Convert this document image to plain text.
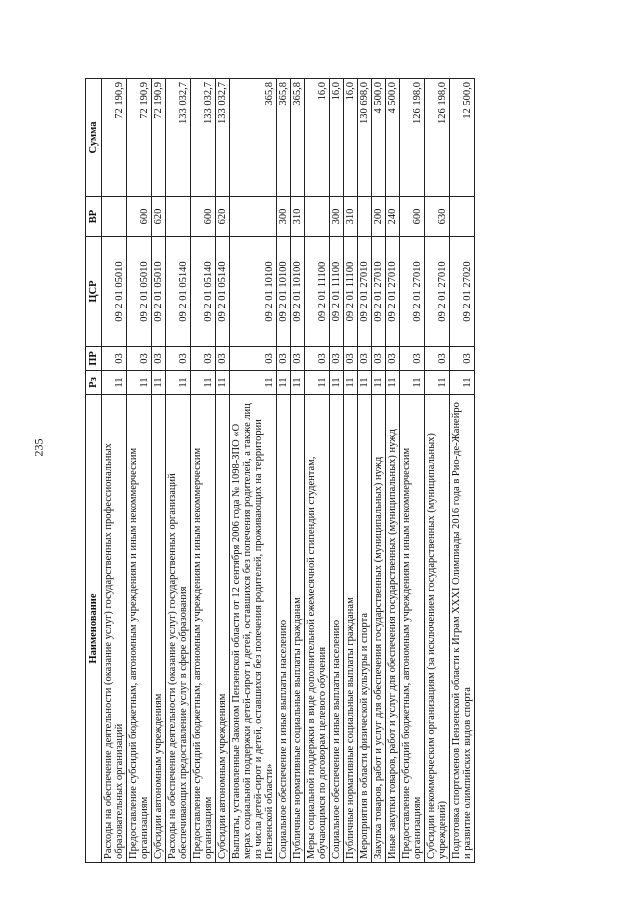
235
Наименование	Рз	ПР	ЦСР	ВР	Сумма
Расходы на обеспечение деятельности (оказание услуг) государственных профессиональных образовательных организаций	11	03	09 2 01 05010		72 190,9
Предоставление субсидий бюджетным, автономным учреждениям и иным некоммерческим организациям	11	03	09 2 01 05010	600	72 190,9
Субсидии автономным учреждениям	11	03	09 2 01 05010	620	72 190,9
Расходы на обеспечение деятельности (оказание услуг) государственных организаций обеспечивающих предоставление услуг в сфере образования	11	03	09 2 01 05140		133 032,7
Предоставление субсидий бюджетным, автономным учреждениям и иным некоммерческим организациям	11	03	09 2 01 05140	600	133 032,7
Субсидии автономным учреждениям	11	03	09 2 01 05140	620	133 032,7
Выплаты, установленные Законом Пензенской области от 12 сентября 2006 года № 1098-ЗПО «О мерах социальной поддержки детей-сирот и детей, оставшихся без попечения родителей, а также лиц из числа детей-сирот и детей, оставшихся без попечения родителей, проживающих на территории Пензенской области»	11	03	09 2 01 10100		365,8
Социальное обеспечение и иные выплаты населению	11	03	09 2 01 10100	300	365,8
Публичные нормативные социальные выплаты гражданам	11	03	09 2 01 10100	310	365,8
Меры социальной поддержки в виде дополнительной ежемесячной стипендии студентам, обучающимся по договорам целевого обучения	11	03	09 2 01 11100		16,0
Социальное обеспечение и иные выплаты населению	11	03	09 2 01 11100	300	16,0
Публичные нормативные социальные выплаты гражданам	11	03	09 2 01 11100	310	16,0
Мероприятия в области физической культуры и спорта	11	03	09 2 01 27010		130 698,0
Закупка товаров, работ и услуг для обеспечения государственных (муниципальных) нужд	11	03	09 2 01 27010	200	4 500,0
Иные закупки товаров, работ и услуг для обеспечения государственных (муниципальных) нужд	11	03	09 2 01 27010	240	4 500,0
Предоставление субсидий бюджетным, автономным учреждениям и иным некоммерческим организациям	11	03	09 2 01 27010	600	126 198,0
Субсидии некоммерческим организациям (за исключением государственных (муниципальных) учреждений)	11	03	09 2 01 27010	630	126 198,0
Подготовка спортсменов Пензенской области к Играм XXXI Олимпиады 2016 года в Рио-де-Жанейро и развитие олимпийских видов спорта	11	03	09 2 01 27020		12 500,0
